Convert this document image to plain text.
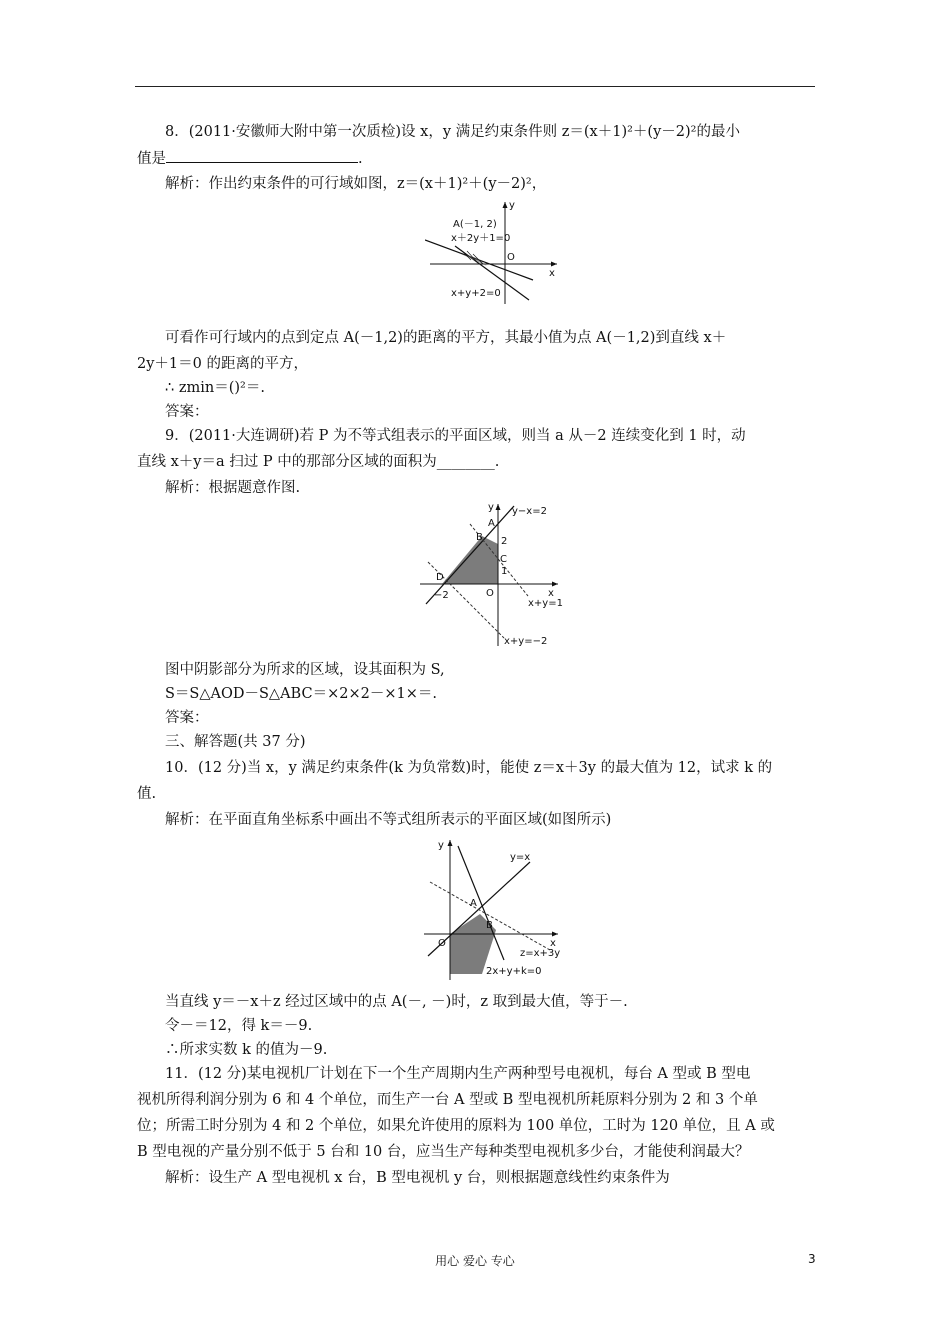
8．(2011·安徽师大附中第一次质检)设 x，y 满足约束条件则 z＝(x＋1)²＋(y－2)²的最小
值是	.
解析：作出约束条件的可行域如图，z＝(x＋1)²＋(y－2)²，
A(－1, 2)
x＋2y＋1=0
x+y+2=0
O
x
y
可看作可行域内的点到定点 A(－1,2)的距离的平方，其最小值为点 A(－1,2)到直线 x＋
2y＋1＝0 的距离的平方，
∴ zmin＝()²＝.
答案：
9．(2011·大连调研)若 P 为不等式组表示的平面区域，则当 a 从－2 连续变化到 1 时，动
直线 x＋y＝a 扫过 P 中的那部分区域的面积为________.
解析：根据题意作图.
y−x=2
x+y=1
x+y=−2
A
B
C
D
O
2
1
−2	x
y
图中阴影部分为所求的区域，设其面积为 S,
S＝S△AOD－S△ABC＝×2×2－×1×＝.
答案：
三、解答题(共 37 分)
10．(12 分)当 x，y 满足约束条件(k 为负常数)时，能使 z＝x＋3y 的最大值为 12，试求 k 的
值.
解析：在平面直角坐标系中画出不等式组所表示的平面区域(如图所示)
y=x
z=x+3y
2x+y+k=0
A
B
O	x
y
当直线 y＝－x＋z 经过区域中的点 A(－, －)时，z 取到最大值，等于－.
令－＝12，得 k＝－9.
∴所求实数 k 的值为－9.
11．(12 分)某电视机厂计划在下一个生产周期内生产两种型号电视机，每台 A 型或 B 型电
视机所得利润分别为 6 和 4 个单位，而生产一台 A 型或 B 型电视机所耗原料分别为 2 和 3 个单
位；所需工时分别为 4 和 2 个单位，如果允许使用的原料为 100 单位，工时为 120 单位，且 A 或
B 型电视的产量分别不低于 5 台和 10 台，应当生产每种类型电视机多少台，才能使利润最大？
解析：设生产 A 型电视机 x 台，B 型电视机 y 台，则根据题意线性约束条件为
用心 爱心 专心	3
